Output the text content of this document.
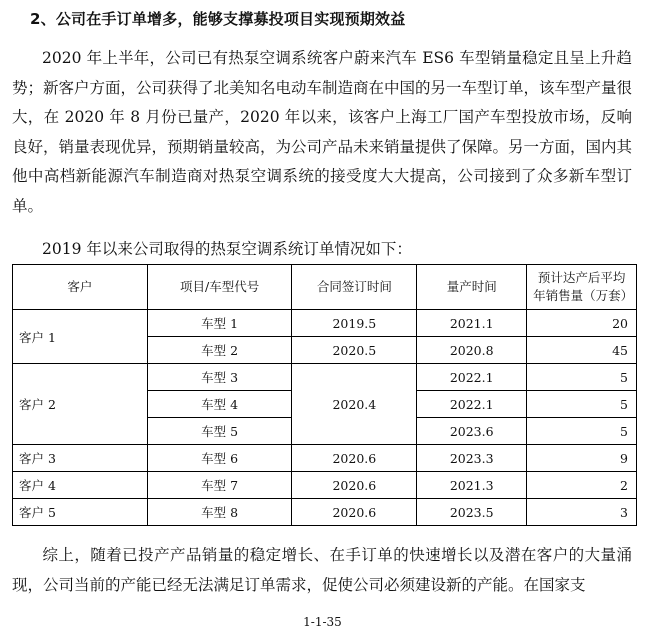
2、公司在手订单增多，能够支撑募投项目实现预期效益

2020 年上半年，公司已有热泵空调系统客户蔚来汽车 ES6 车型销量稳定且呈上升趋势；新客户方面，公司获得了北美知名电动车制造商在中国的另一车型订单，该车型产量很大，在 2020 年 8 月份已量产，2020 年以来，该客户上海工厂国产车型投放市场，反响良好，销量表现优异，预期销量较高，为公司产品未来销量提供了保障。另一方面，国内其他中高档新能源汽车制造商对热泵空调系统的接受度大大提高，公司接到了众多新车型订单。

2019 年以来公司取得的热泵空调系统订单情况如下：
客户	项目/车型代号	合同签订时间	量产时间	预计达产后平均年销售量（万套）
客户 1	车型 1	2019.5	2021.1	20
	车型 2	2020.5	2020.8	45
客户 2	车型 3	2020.4	2022.1	5
	车型 4		2022.1	5
	车型 5		2023.6	5
客户 3	车型 6	2020.6	2023.3	9
客户 4	车型 7	2020.6	2021.3	2
客户 5	车型 8	2020.6	2023.5	3

综上，随着已投产产品销量的稳定增长、在手订单的快速增长以及潜在客户的大量涌现，公司当前的产能已经无法满足订单需求，促使公司必须建设新的产能。在国家支

1-1-35
